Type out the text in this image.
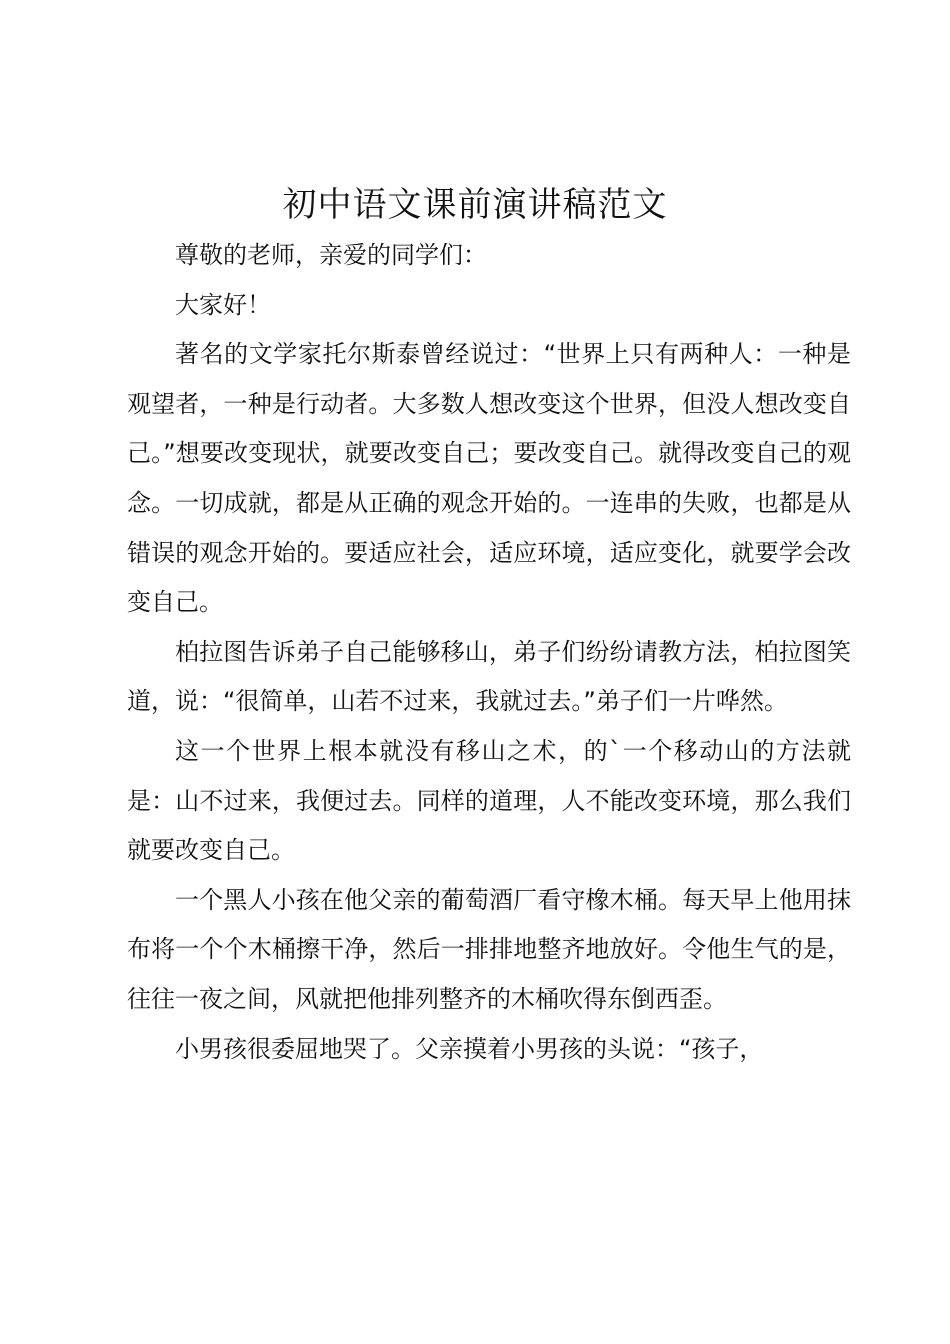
初中语文课前演讲稿范文

尊敬的老师，亲爱的同学们：

大家好！

著名的文学家托尔斯泰曾经说过：“世界上只有两种人：一种是观望者，一种是行动者。大多数人想改变这个世界，但没人想改变自己。”想要改变现状，就要改变自己；要改变自己。就得改变自己的观念。一切成就，都是从正确的观念开始的。一连串的失败，也都是从错误的观念开始的。要适应社会，适应环境，适应变化，就要学会改变自己。

柏拉图告诉弟子自己能够移山，弟子们纷纷请教方法，柏拉图笑道，说：“很简单，山若不过来，我就过去。”弟子们一片哗然。

这一个世界上根本就没有移山之术，的`一个移动山的方法就是：山不过来，我便过去。同样的道理，人不能改变环境，那么我们就要改变自己。

一个黑人小孩在他父亲的葡萄酒厂看守橡木桶。每天早上他用抹布将一个个木桶擦干净，然后一排排地整齐地放好。令他生气的是，往往一夜之间，风就把他排列整齐的木桶吹得东倒西歪。

小男孩很委屈地哭了。父亲摸着小男孩的头说：“孩子，
